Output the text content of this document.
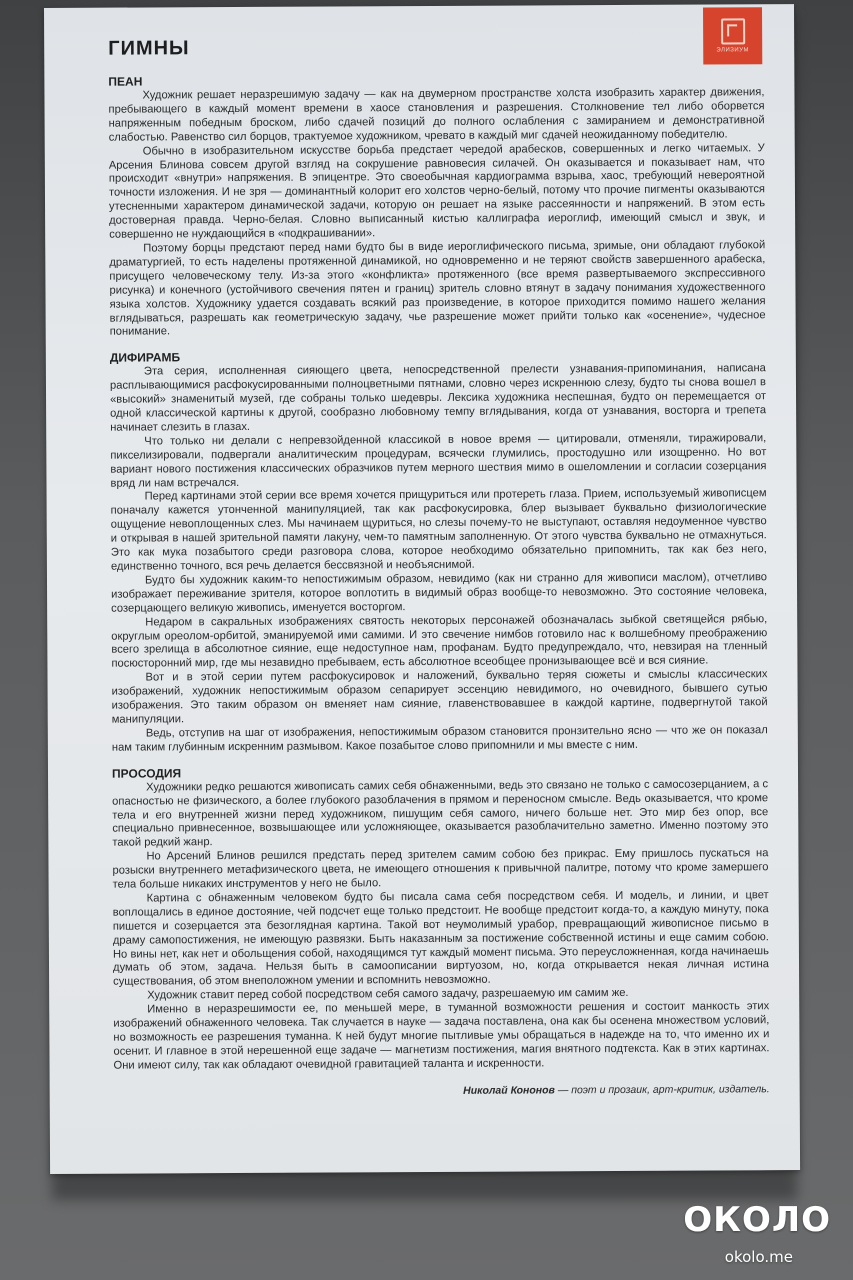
ЭЛИЗИУМ
ГИМНЫ
ПЕАН

Художник решает неразрешимую задачу — как на двумерном пространстве холста изобразить характер движения, пребывающего в каждый момент времени в хаосе становления и разрешения. Столкновение тел либо оборвется напряженным победным броском, либо сдачей позиций до полного ослабления с замиранием и демонстративной слабостью. Равенство сил борцов, трактуемое художником, чревато в каждый миг сдачей неожиданному победителю.

Обычно в изобразительном искусстве борьба предстает чередой арабесков, совершенных и легко читаемых. У Арсения Блинова совсем другой взгляд на сокрушение равновесия силачей. Он оказывается и показывает нам, что происходит «внутри» напряжения. В эпицентре. Это своеобычная кардиограмма взрыва, хаос, требующий невероятной точности изложения. И не зря — доминантный колорит его холстов черно-белый, потому что прочие пигменты оказываются утесненными характером динамической задачи, которую он решает на языке рассеянности и напряжений. В этом есть достоверная правда. Черно-белая. Словно выписанный кистью каллиграфа иероглиф, имеющий смысл и звук, и совершенно не нуждающийся в «подкрашивании».

Поэтому борцы предстают перед нами будто бы в виде иероглифического письма, зримые, они обладают глубокой драматургией, то есть наделены протяженной динамикой, но одновременно и не теряют свойств завершенного арабеска, присущего человеческому телу. Из-за этого «конфликта» протяженного (все время развертываемого экспрессивного рисунка) и конечного (устойчивого свечения пятен и границ) зритель словно втянут в задачу понимания художественного языка холстов. Художнику удается создавать всякий раз произведение, в которое приходится помимо нашего желания вглядываться, разрешать как геометрическую задачу, чье разрешение может прийти только как «осенение», чудесное понимание.

ДИФИРАМБ

Эта серия, исполненная сияющего цвета, непосредственной прелести узнавания-припоминания, написана расплывающимися расфокусированными полноцветными пятнами, словно через искреннюю слезу, будто ты снова вошел в «высокий» знаменитый музей, где собраны только шедевры. Лексика художника неспешная, будто он перемещается от одной классической картины к другой, сообразно любовному темпу вглядывания, когда от узнавания, восторга и трепета начинает слезить в глазах.

Что только ни делали с непревзойденной классикой в новое время — цитировали, отменяли, тиражировали, пикселизировали, подвергали аналитическим процедурам, всячески глумились, простодушно или изощренно. Но вот вариант нового постижения классических образчиков путем мерного шествия мимо в ошеломлении и согласии созерцания вряд ли нам встречался.

Перед картинами этой серии все время хочется прищуриться или протереть глаза. Прием, используемый живописцем поначалу кажется утонченной манипуляцией, так как расфокусировка, блер вызывает буквально физиологические ощущение невоплощенных слез. Мы начинаем щуриться, но слезы почему-то не выступают, оставляя недоуменное чувство и открывая в нашей зрительной памяти лакуну, чем-то памятным заполненную. От этого чувства буквально не отмахнуться. Это как мука позабытого среди разговора слова, которое необходимо обязательно припомнить, так как без него, единственно точного, вся речь делается бессвязной и необъяснимой.

Будто бы художник каким-то непостижимым образом, невидимо (как ни странно для живописи маслом), отчетливо изображает переживание зрителя, которое воплотить в видимый образ вообще-то невозможно. Это состояние человека, созерцающего великую живопись, именуется восторгом.

Недаром в сакральных изображениях святость некоторых персонажей обозначалась зыбкой светящейся рябью, округлым ореолом-орбитой, эманируемой ими самими. И это свечение нимбов готовило нас к волшебному преображению всего зрелища в абсолютное сияние, еще недоступное нам, профанам. Будто предупреждало, что, невзирая на тленный посюсторонний мир, где мы незавидно пребываем, есть абсолютное всеобщее пронизывающее всё и вся сияние.

Вот и в этой серии путем расфокусировок и наложений, буквально теряя сюжеты и смыслы классических изображений, художник непостижимым образом сепарирует эссенцию невидимого, но очевидного, бывшего сутью изображения. Это таким образом он вменяет нам сияние, главенствовавшее в каждой картине, подвергнутой такой манипуляции.

Ведь, отступив на шаг от изображения, непостижимым образом становится пронзительно ясно — что же он показал нам таким глубинным искренним размывом. Какое позабытое слово припомнили и мы вместе с ним.

ПРОСОДИЯ

Художники редко решаются живописать самих себя обнаженными, ведь это связано не только с самосозерцанием, а с опасностью не физического, а более глубокого разоблачения в прямом и переносном смысле. Ведь оказывается, что кроме тела и его внутренней жизни перед художником, пишущим себя самого, ничего больше нет. Это мир без опор, все специально привнесенное, возвышающее или усложняющее, оказывается разоблачительно заметно. Именно поэтому это такой редкий жанр.

Но Арсений Блинов решился предстать перед зрителем самим собою без прикрас. Ему пришлось пускаться на розыски внутреннего метафизического цвета, не имеющего отношения к привычной палитре, потому что кроме замершего тела больше никаких инструментов у него не было.

Картина с обнаженным человеком будто бы писала сама себя посредством себя. И модель, и линии, и цвет воплощались в единое достояние, чей подсчет еще только предстоит. Не вообще предстоит когда-то, а каждую минуту, пока пишется и созерцается эта безоглядная картина. Такой вот неумолимый урабор, превращающий живописное письмо в драму самопостижения, не имеющую развязки. Быть наказанным за постижение собственной истины и еще самим собою. Но вины нет, как нет и обольщения собой, находящимся тут каждый момент письма. Это переусложненная, когда начинаешь думать об этом, задача. Нельзя быть в самоописании виртуозом, но, когда открывается некая личная истина существования, об этом внеположном умении и вспомнить невозможно.

Художник ставит перед собой посредством себя самого задачу, разрешаемую им самим же.

Именно в неразрешимости ее, по меньшей мере, в туманной возможности решения и состоит манкость этих изображений обнаженного человека. Так случается в науке — задача поставлена, она как бы осенена множеством условий, но возможность ее разрешения туманна. К ней будут многие пытливые умы обращаться в надежде на то, что именно их и осенит. И главное в этой нерешенной еще задаче — магнетизм постижения, магия внятного подтекста. Как в этих картинах. Они имеют силу, так как обладают очевидной гравитацией таланта и искренности.

Николай Кононов — поэт и прозаик, арт-критик, издатель.
ОКОЛО
okolo.me
